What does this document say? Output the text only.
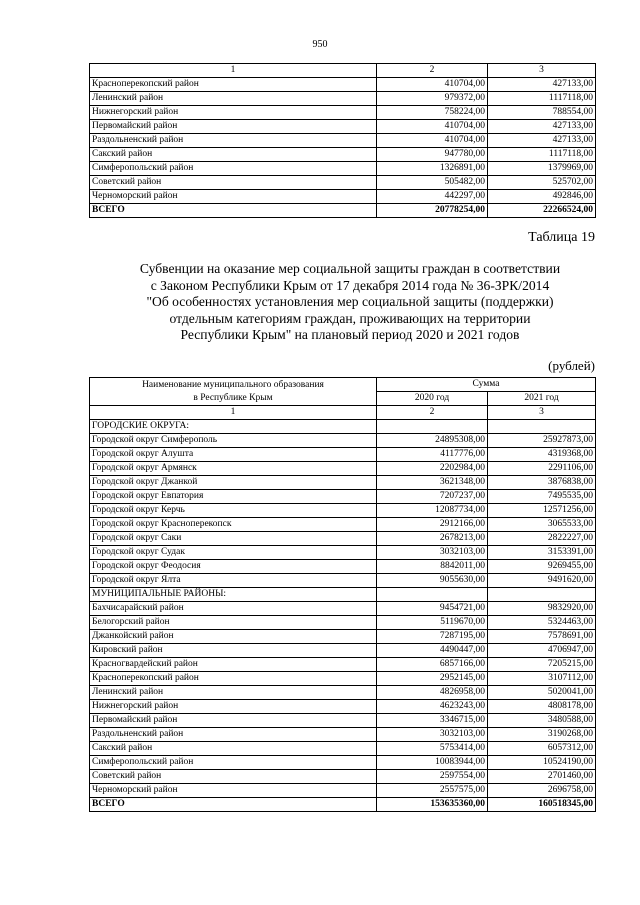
950
1	2	3
Красноперекопский район	410704,00	427133,00
Ленинский район	979372,00	1117118,00
Нижнегорский район	758224,00	788554,00
Первомайский район	410704,00	427133,00
Раздольненский район	410704,00	427133,00
Сакский район	947780,00	1117118,00
Симферопольский район	1326891,00	1379969,00
Советский район	505482,00	525702,00
Черноморский район	442297,00	492846,00
ВСЕГО	20778254,00	22266524,00
Таблица 19
Субвенции на оказание мер социальной защиты граждан в соответствии
с Законом Республики Крым от 17 декабря 2014 года № 36-ЗРК/2014
"Об особенностях установления мер социальной защиты (поддержки)
отдельным категориям граждан, проживающих на территории
Республики Крым" на плановый период 2020 и 2021 годов
(рублей)
Наименование муниципального образования
в Республике Крым	Сумма	
	2020 год	2021 год
1	2	3
ГОРОДСКИЕ ОКРУГА:		
Городской округ Симферополь	24895308,00	25927873,00
Городской округ Алушта	4117776,00	4319368,00
Городской округ Армянск	2202984,00	2291106,00
Городской округ Джанкой	3621348,00	3876838,00
Городской округ Евпатория	7207237,00	7495535,00
Городской округ Керчь	12087734,00	12571256,00
Городской округ Красноперекопск	2912166,00	3065533,00
Городской округ Саки	2678213,00	2822227,00
Городской округ Судак	3032103,00	3153391,00
Городской округ Феодосия	8842011,00	9269455,00
Городской округ Ялта	9055630,00	9491620,00
МУНИЦИПАЛЬНЫЕ РАЙОНЫ:		
Бахчисарайский район	9454721,00	9832920,00
Белогорский район	5119670,00	5324463,00
Джанкойский район	7287195,00	7578691,00
Кировский район	4490447,00	4706947,00
Красногвардейский район	6857166,00	7205215,00
Красноперекопский район	2952145,00	3107112,00
Ленинский район	4826958,00	5020041,00
Нижнегорский район	4623243,00	4808178,00
Первомайский район	3346715,00	3480588,00
Раздольненский район	3032103,00	3190268,00
Сакский район	5753414,00	6057312,00
Симферопольский район	10083944,00	10524190,00
Советский район	2597554,00	2701460,00
Черноморский район	2557575,00	2696758,00
ВСЕГО	153635360,00	160518345,00
